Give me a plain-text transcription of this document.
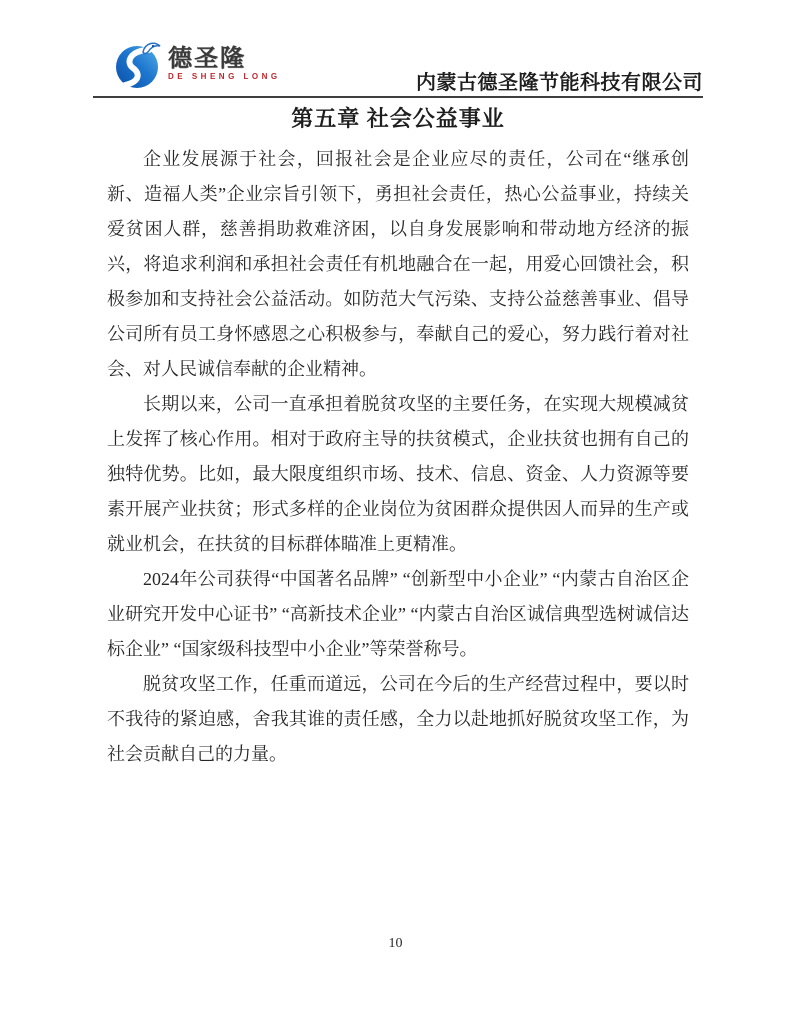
德圣隆
DE SHENG LONG	内蒙古德圣隆节能科技有限公司
第五章 社会公益事业

企业发展源于社会，回报社会是企业应尽的责任，公司在“继承创新、造福人类”企业宗旨引领下，勇担社会责任，热心公益事业，持续关爱贫困人群，慈善捐助救难济困，以自身发展影响和带动地方经济的振兴，将追求利润和承担社会责任有机地融合在一起，用爱心回馈社会，积极参加和支持社会公益活动。如防范大气污染、支持公益慈善事业、倡导公司所有员工身怀感恩之心积极参与，奉献自己的爱心，努力践行着对社会、对人民诚信奉献的企业精神。

长期以来，公司一直承担着脱贫攻坚的主要任务，在实现大规模减贫上发挥了核心作用。相对于政府主导的扶贫模式，企业扶贫也拥有自己的独特优势。比如，最大限度组织市场、技术、信息、资金、人力资源等要素开展产业扶贫；形式多样的企业岗位为贫困群众提供因人而异的生产或就业机会，在扶贫的目标群体瞄准上更精准。

2024年公司获得“中国著名品牌” “创新型中小企业” “内蒙古自治区企业研究开发中心证书” “高新技术企业” “内蒙古自治区诚信典型选树诚信达标企业” “国家级科技型中小企业”等荣誉称号。

脱贫攻坚工作，任重而道远，公司在今后的生产经营过程中，要以时不我待的紧迫感，舍我其谁的责任感，全力以赴地抓好脱贫攻坚工作，为社会贡献自己的力量。

10
